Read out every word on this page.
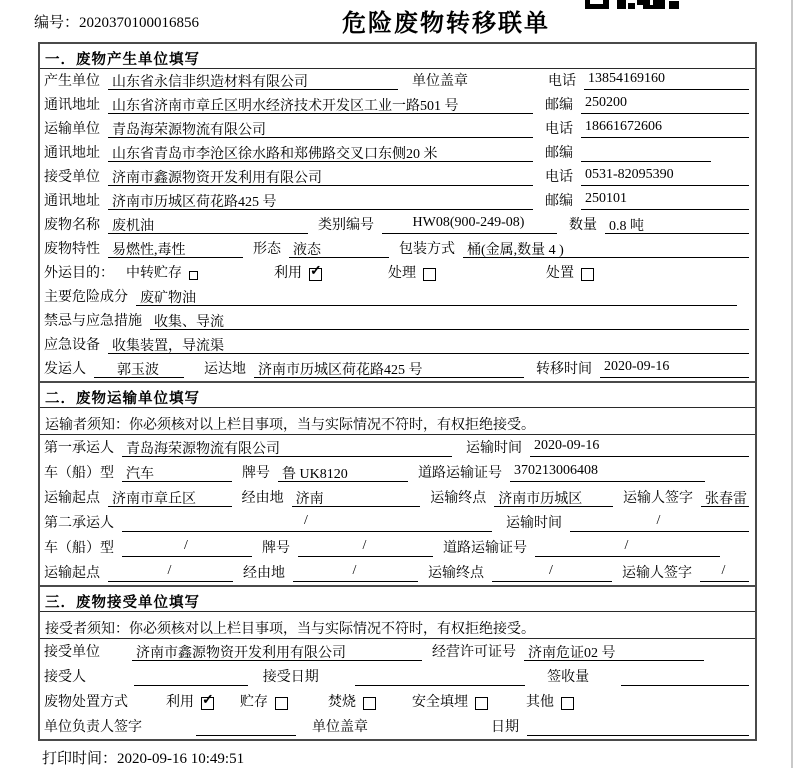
编号：2020370100016856	危险废物转移联单
一．废物产生单位填写
产生单位 山东省永信非织造材料有限公司	单位盖章	电话 13854169160
通讯地址 山东省济南市章丘区明水经济技术开发区工业一路501 号	邮编 250200
运输单位 青岛海荣源物流有限公司	电话 18661672606
通讯地址 山东省青岛市李沧区徐水路和郑佛路交叉口东侧20 米	邮编
接受单位 济南市鑫源物资开发利用有限公司	电话 0531-82095390
通讯地址 济南市历城区荷花路425 号	邮编 250101
废物名称 废机油	类别编号	HW08(900-249-08)	数量 0.8 吨
废物特性 易燃性,毒性	形态 液态	包装方式 桶(金属,数量 4 )
外运目的： 中转贮存	利用 ✓	处理	处置
主要危险成分 废矿物油
禁忌与应急措施 收集、导流
应急设备 收集装置，导流渠
发运人	郭玉波	运达地 济南市历城区荷花路425 号	转移时间 2020-09-16
二．废物运输单位填写
运输者须知：你必须核对以上栏目事项，当与实际情况不符时，有权拒绝接受。
第一承运人 青岛海荣源物流有限公司	运输时间 2020-09-16
车（船）型 汽车	牌号 鲁 UK8120	道路运输证号 370213006408
运输起点 济南市章丘区	经由地 济南	运输终点 济南市历城区	运输人签字 张春雷
第二承运人	/	运输时间	/
车（船）型	/	牌号	/	道路运输证号	/
运输起点	/	经由地	/	运输终点	/	运输人签字	/
三．废物接受单位填写
接受者须知：你必须核对以上栏目事项，当与实际情况不符时，有权拒绝接受。
接受单位	济南市鑫源物资开发利用有限公司	经营许可证号 济南危证02 号
接受人	接受日期	签收量
废物处置方式	利用 ✓	贮存	焚烧	安全填埋	其他
单位负责人签字	单位盖章	日期
打印时间：2020-09-16 10:49:51
